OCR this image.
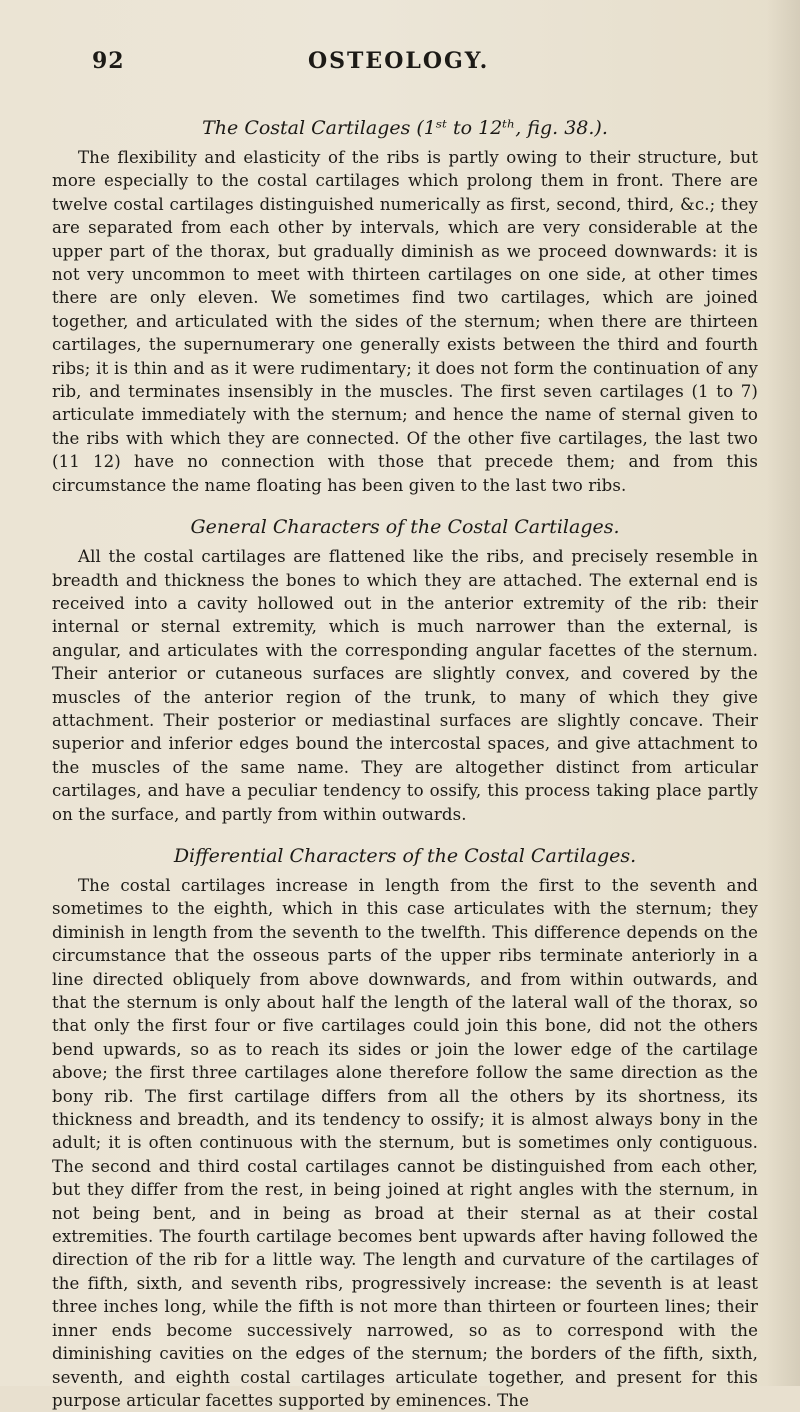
92	OSTEOLOGY.
The Costal Cartilages (1ˢᵗ to 12ᵗʰ, fig. 38.).

The flexibility and elasticity of the ribs is partly owing to their structure, but more especially to the costal cartilages which prolong them in front. There are twelve costal cartilages distinguished numerically as first, second, third, &c.; they are separated from each other by intervals, which are very considerable at the upper part of the thorax, but gradually diminish as we proceed downwards: it is not very uncommon to meet with thirteen cartilages on one side, at other times there are only eleven. We sometimes find two cartilages, which are joined together, and articulated with the sides of the sternum; when there are thirteen cartilages, the supernumerary one generally exists between the third and fourth ribs; it is thin and as it were rudimentary; it does not form the continuation of any rib, and terminates insensibly in the muscles. The first seven cartilages (1 to 7) articulate immediately with the sternum; and hence the name of sternal given to the ribs with which they are connected. Of the other five cartilages, the last two (11 12) have no connection with those that precede them; and from this circumstance the name floating has been given to the last two ribs.

General Characters of the Costal Cartilages.

All the costal cartilages are flattened like the ribs, and precisely resemble in breadth and thickness the bones to which they are attached. The external end is received into a cavity hollowed out in the anterior extremity of the rib: their internal or sternal extremity, which is much narrower than the external, is angular, and articulates with the corresponding angular facettes of the sternum. Their anterior or cutaneous surfaces are slightly convex, and covered by the muscles of the anterior region of the trunk, to many of which they give attachment. Their posterior or mediastinal surfaces are slightly concave. Their superior and inferior edges bound the intercostal spaces, and give attachment to the muscles of the same name. They are altogether distinct from articular cartilages, and have a peculiar tendency to ossify, this process taking place partly on the surface, and partly from within outwards.

Differential Characters of the Costal Cartilages.

The costal cartilages increase in length from the first to the seventh and sometimes to the eighth, which in this case articulates with the sternum; they diminish in length from the seventh to the twelfth. This difference depends on the circumstance that the osseous parts of the upper ribs terminate anteriorly in a line directed obliquely from above downwards, and from within outwards, and that the sternum is only about half the length of the lateral wall of the thorax, so that only the first four or five cartilages could join this bone, did not the others bend upwards, so as to reach its sides or join the lower edge of the cartilage above; the first three cartilages alone therefore follow the same direction as the bony rib. The first cartilage differs from all the others by its shortness, its thickness and breadth, and its tendency to ossify; it is almost always bony in the adult; it is often continuous with the sternum, but is sometimes only contiguous. The second and third costal cartilages cannot be distinguished from each other, but they differ from the rest, in being joined at right angles with the sternum, in not being bent, and in being as broad at their sternal as at their costal extremities. The fourth cartilage becomes bent upwards after having followed the direction of the rib for a little way. The length and curvature of the cartilages of the fifth, sixth, and seventh ribs, progressively increase: the seventh is at least three inches long, while the fifth is not more than thirteen or fourteen lines; their inner ends become successively narrowed, so as to correspond with the diminishing cavities on the edges of the sternum; the borders of the fifth, sixth, seventh, and eighth costal cartilages articulate together, and present for this purpose articular facettes supported by eminences. The
